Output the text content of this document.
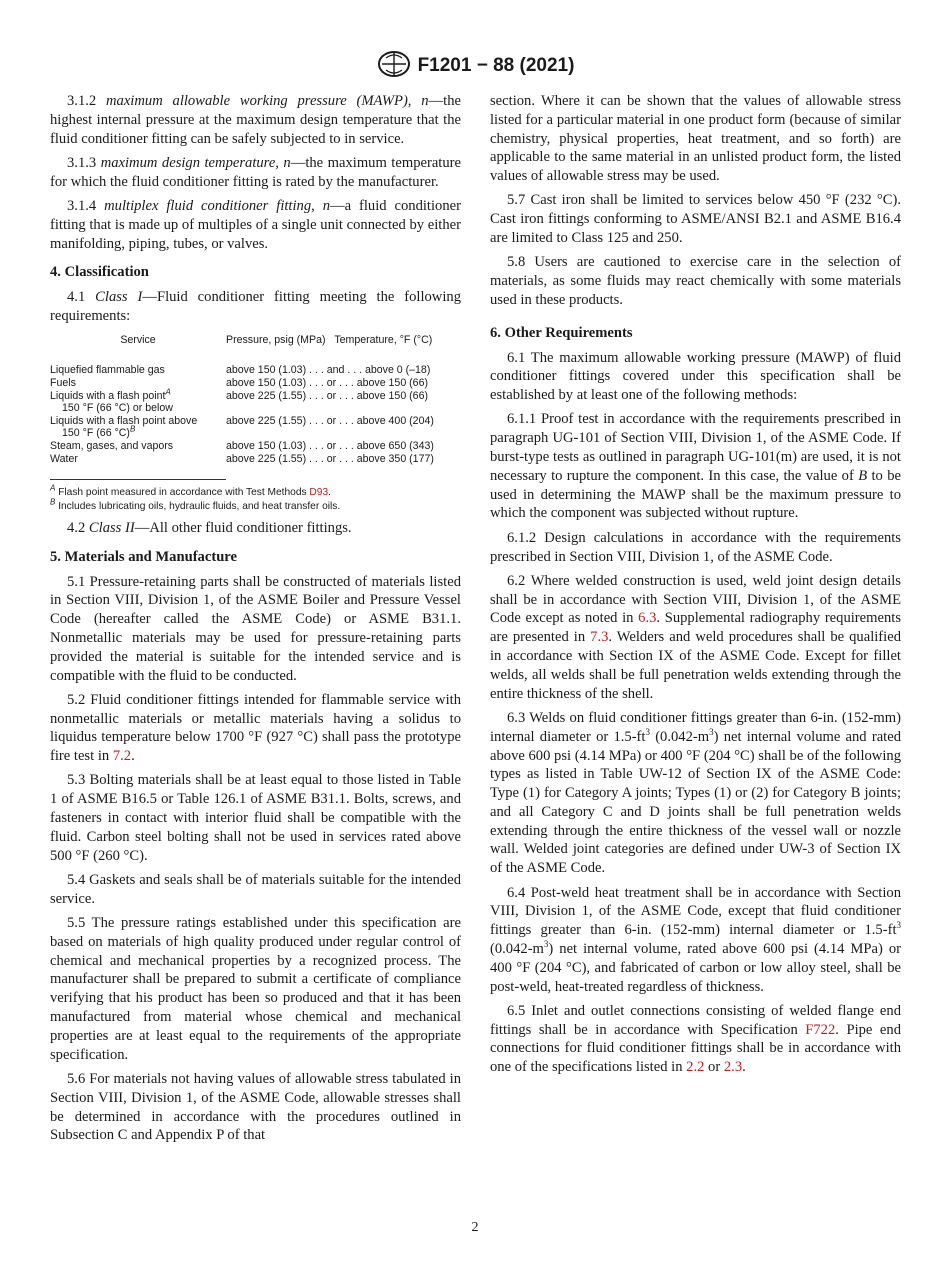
F1201 − 88 (2021)

3.1.2 maximum allowable working pressure (MAWP), n—the highest internal pressure at the maximum design temperature that the fluid conditioner fitting can be safely subjected to in service.

3.1.3 maximum design temperature, n—the maximum temperature for which the fluid conditioner fitting is rated by the manufacturer.

3.1.4 multiplex fluid conditioner fitting, n—a fluid conditioner fitting that is made up of multiples of a single unit connected by either manifolding, piping, tubes, or valves.

4. Classification

4.1 Class I—Fluid conditioner fitting meeting the following requirements:

Service	Pressure, psig (MPa) Temperature, °F (°C)
Liquefied flammable gas	above 150 (1.03) . . . and . . . above 0 (–18)
Fuels	above 150 (1.03) . . . or . . . above 150 (66)
Liquids with a flash point$^A$
150 °F (66 °C) or below	above 225 (1.55) . . . or . . . above 150 (66)
Liquids with a flash point above
150 °F (66 °C)$^B$	above 225 (1.55) . . . or . . . above 400 (204)
Steam, gases, and vapors	above 150 (1.03) . . . or . . . above 650 (343)
Water	above 225 (1.55) . . . or . . . above 350 (177)

$^A$ Flash point measured in accordance with Test Methods D93.

$^B$ Includes lubricating oils, hydraulic fluids, and heat transfer oils.

4.2 Class II—All other fluid conditioner fittings.

5. Materials and Manufacture

5.1 Pressure-retaining parts shall be constructed of materials listed in Section VIII, Division 1, of the ASME Boiler and Pressure Vessel Code (hereafter called the ASME Code) or ASME B31.1. Nonmetallic materials may be used for pressure-retaining parts provided the material is suitable for the intended service and is compatible with the fluid to be conducted.

5.2 Fluid conditioner fittings intended for flammable service with nonmetallic materials or metallic materials having a solidus to liquidus temperature below 1700 °F (927 °C) shall pass the prototype fire test in 7.2.

5.3 Bolting materials shall be at least equal to those listed in Table 1 of ASME B16.5 or Table 126.1 of ASME B31.1. Bolts, screws, and fasteners in contact with interior fluid shall be compatible with the fluid. Carbon steel bolting shall not be used in services rated above 500 °F (260 °C).

5.4 Gaskets and seals shall be of materials suitable for the intended service.

5.5 The pressure ratings established under this specification are based on materials of high quality produced under regular control of chemical and mechanical properties by a recognized process. The manufacturer shall be prepared to submit a certificate of compliance verifying that his product has been so produced and that it has been manufactured from material whose chemical and mechanical properties are at least equal to the requirements of the appropriate specification.

5.6 For materials not having values of allowable stress tabulated in Section VIII, Division 1, of the ASME Code, allowable stresses shall be determined in accordance with the procedures outlined in Subsection C and Appendix P of that

section. Where it can be shown that the values of allowable stress listed for a particular material in one product form (because of similar chemistry, physical properties, heat treatment, and so forth) are applicable to the same material in an unlisted product form, the listed values of allowable stress may be used.

5.7 Cast iron shall be limited to services below 450 °F (232 °C). Cast iron fittings conforming to ASME/ANSI B2.1 and ASME B16.4 are limited to Class 125 and 250.

5.8 Users are cautioned to exercise care in the selection of materials, as some fluids may react chemically with some materials used in these products.

6. Other Requirements

6.1 The maximum allowable working pressure (MAWP) of fluid conditioner fittings covered under this specification shall be established by at least one of the following methods:

6.1.1 Proof test in accordance with the requirements prescribed in paragraph UG-101 of Section VIII, Division 1, of the ASME Code. If burst-type tests as outlined in paragraph UG-101(m) are used, it is not necessary to rupture the component. In this case, the value of B to be used in determining the MAWP shall be the maximum pressure to which the component was subjected without rupture.

6.1.2 Design calculations in accordance with the requirements prescribed in Section VIII, Division 1, of the ASME Code.

6.2 Where welded construction is used, weld joint design details shall be in accordance with Section VIII, Division 1, of the ASME Code except as noted in 6.3. Supplemental radiography requirements are presented in 7.3. Welders and weld procedures shall be qualified in accordance with Section IX of the ASME Code. Except for fillet welds, all welds shall be full penetration welds extending through the entire thickness of the shell.

6.3 Welds on fluid conditioner fittings greater than 6-in. (152-mm) internal diameter or $1.5-ft^3$ $(0.042-m^3)$ net internal volume and rated above 600 psi (4.14 MPa) or 400 °F (204 °C) shall be of the following types as listed in Table UW-12 of Section IX of the ASME Code: Type (1) for Category A joints; Types (1) or (2) for Category B joints; and all Category C and D joints shall be full penetration welds extending through the entire thickness of the vessel wall or nozzle wall. Welded joint categories are defined under UW-3 of Section IX of the ASME Code.

6.4 Post-weld heat treatment shall be in accordance with Section VIII, Division 1, of the ASME Code, except that fluid conditioner fittings greater than 6-in. (152-mm) internal diameter or $1.5-ft^3$ $(0.042-m^3)$ net internal volume, rated above 600 psi (4.14 MPa) or 400 °F (204 °C), and fabricated of carbon or low alloy steel, shall be post-weld, heat-treated regardless of thickness.

6.5 Inlet and outlet connections consisting of welded flange end fittings shall be in accordance with Specification F722. Pipe end connections for fluid conditioner fittings shall be in accordance with one of the specifications listed in 2.2 or 2.3.

2
